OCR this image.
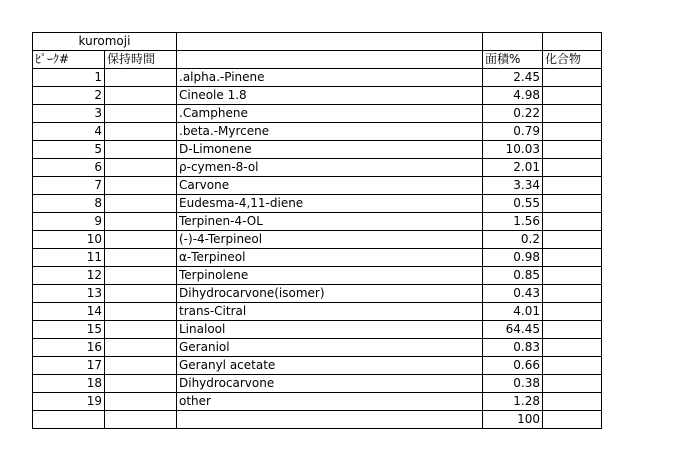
kuromoji				
ﾋﾟｰｸ#	保持時間		面積%	化合物
1		.alpha.-Pinene	2.45	
2		Cineole 1.8	4.98	
3		.Camphene	0.22	
4		.beta.-Myrcene	0.79	
5		D-Limonene	10.03	
6		ρ-cymen-8-ol	2.01	
7		Carvone	3.34	
8		Eudesma-4,11-diene	0.55	
9		Terpinen-4-OL	1.56	
10		(-)-4-Terpineol	0.2	
11		α-Terpineol	0.98	
12		Terpinolene	0.85	
13		Dihydrocarvone(isomer)	0.43	
14		trans-Citral	4.01	
15		Linalool	64.45	
16		Geraniol	0.83	
17		Geranyl acetate	0.66	
18		Dihydrocarvone	0.38	
19		other	1.28	
			100	
